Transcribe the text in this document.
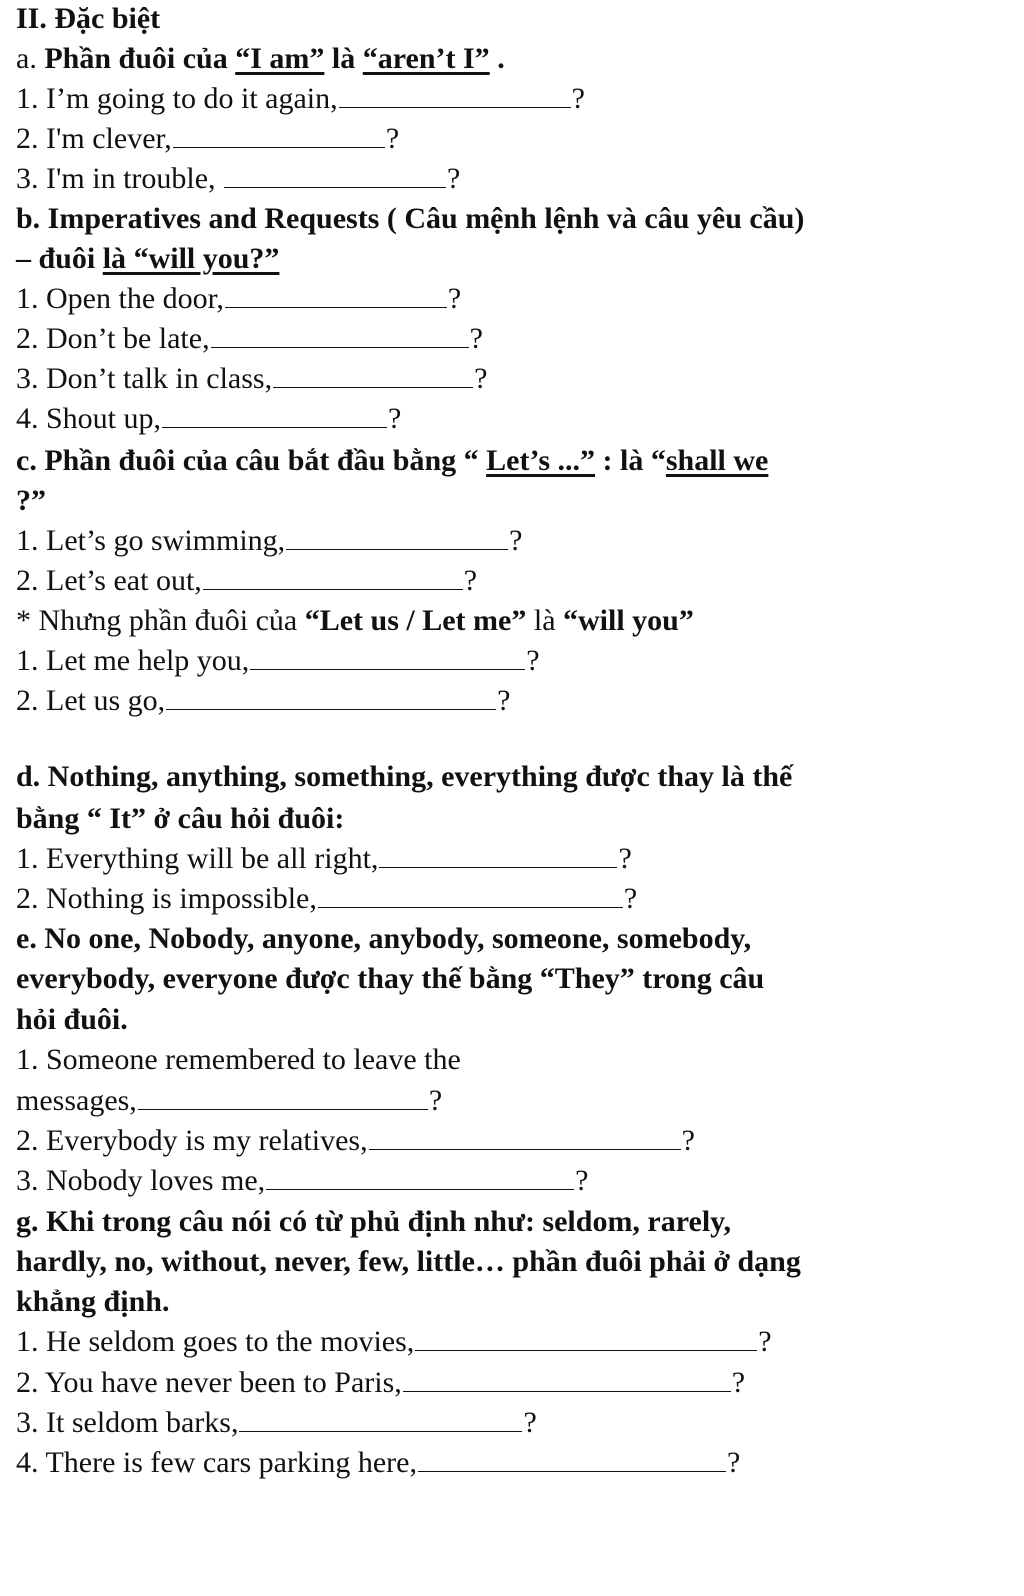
II. Đặc biệt
a. Phần đuôi của “I am” là “aren’t I” .
1. I’m going to do it again,	?
2. I'm clever,	?
3. I'm in trouble,	?
b. Imperatives and Requests ( Câu mệnh lệnh và câu yêu cầu)
– đuôi là “will you?”
1. Open the door,	?
2. Don’t be late,	?
3. Don’t talk in class,	?
4. Shout up,	?
c. Phần đuôi của câu bắt đầu bằng “ Let’s ...” : là “shall we
?”
1. Let’s go swimming,	?
2. Let’s eat out,	?
* Nhưng phần đuôi của “Let us / Let me” là “will you”
1. Let me help you,	?
2. Let us go,	?
d. Nothing, anything, something, everything được thay là thế
bằng “ It” ở câu hỏi đuôi:
1. Everything will be all right,	?
2. Nothing is impossible,	?
e. No one, Nobody, anyone, anybody, someone, somebody,
everybody, everyone được thay thế bằng “They” trong câu
hỏi đuôi.
1. Someone remembered to leave the
messages,	?
2. Everybody is my relatives,	?
3. Nobody loves me,	?
g. Khi trong câu nói có từ phủ định như: seldom, rarely,
hardly, no, without, never, few, little… phần đuôi phải ở dạng
khẳng định.
1. He seldom goes to the movies,	?
2. You have never been to Paris,	?
3. It seldom barks,	?
4. There is few cars parking here,	?
